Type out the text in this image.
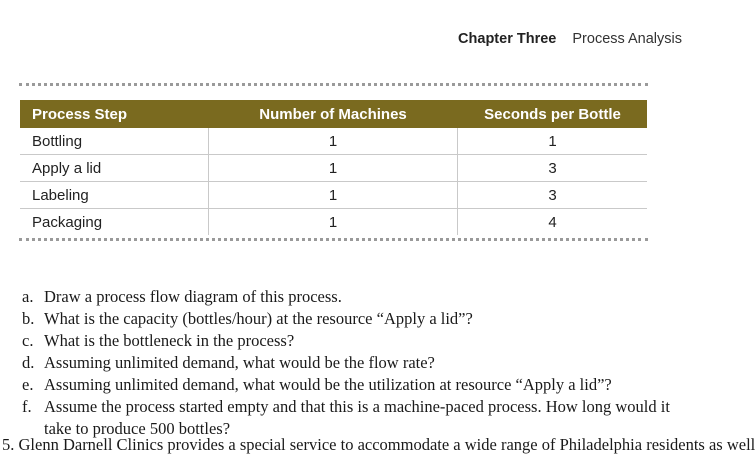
Chapter Three Process Analysis
Process Step	Number of Machines	Seconds per Bottle
Bottling	1	1
Apply a lid	1	3
Labeling	1	3
Packaging	1	4
a. Draw a process flow diagram of this process.
b. What is the capacity (bottles/hour) at the resource “Apply a lid”?
c. What is the bottleneck in the process?
d. Assuming unlimited demand, what would be the flow rate?
e. Assuming unlimited demand, what would be the utilization at resource “Apply a lid”?
f. Assume the process started empty and that this is a machine-paced process. How long would it take to produce 500 bottles?
5. Glenn Darnell Clinics provides a special service to accommodate a wide range of Philadelphia residents as well
